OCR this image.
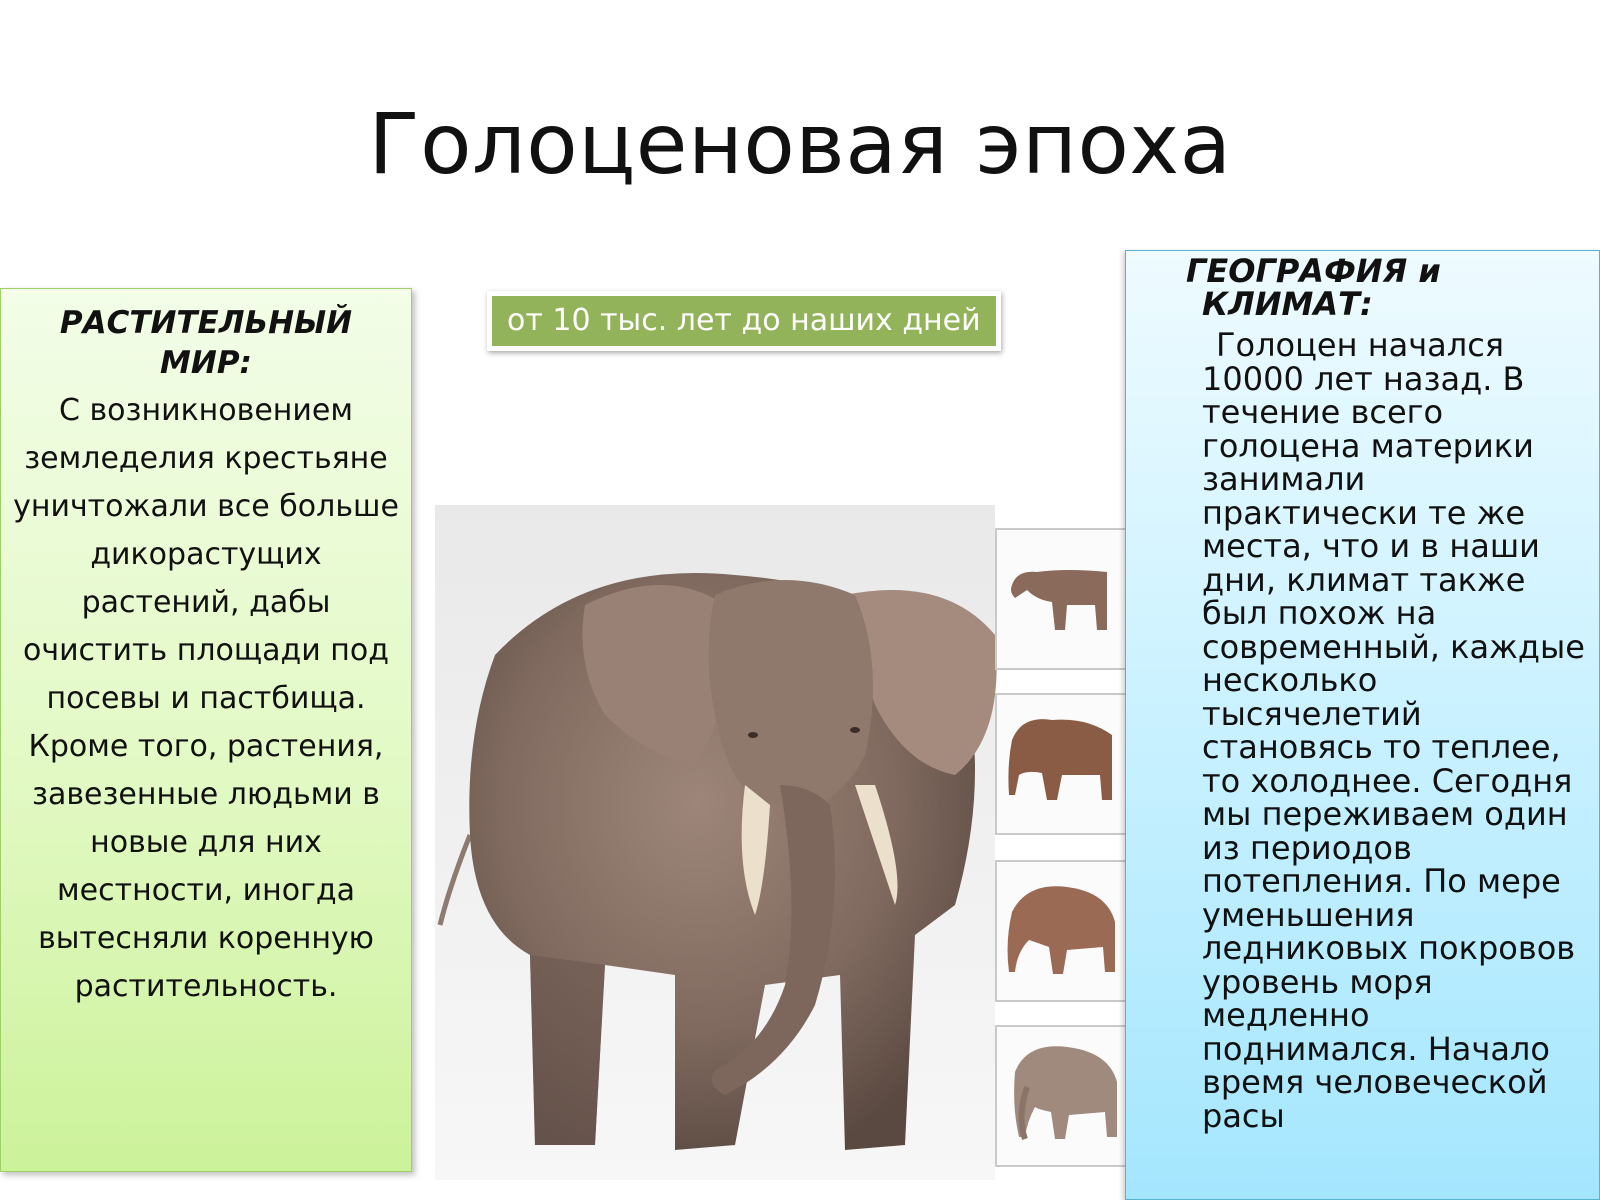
Голоценовая эпоха
РАСТИТЕЛЬНЫЙ МИР:
С возникновением земледелия крестьяне уничтожали все больше дикорастущих растений, дабы очистить площади под посевы и пастбища. Кроме того, растения, завезенные людьми в новые для них местности, иногда вытесняли коренную растительность.
от 10 тыс. лет до наших дней
ГЕОГРАФИЯ и КЛИМАТ:
Голоцен начался 10000 лет назад. В течение всего голоцена материки занимали практически те же места, что и в наши дни, климат также был похож на современный, каждые несколько тысячелетий становясь то теплее, то холоднее. Сегодня мы переживаем один из периодов потепления. По мере уменьшения ледниковых покровов уровень моря медленно поднимался. Начало время человеческой расы
